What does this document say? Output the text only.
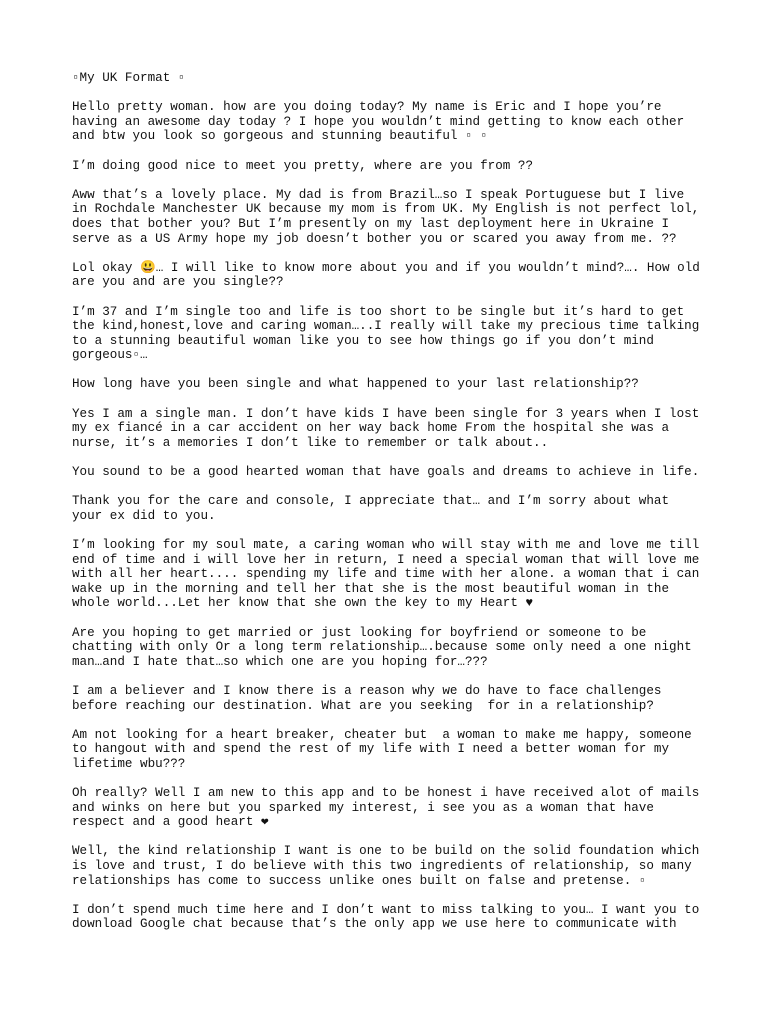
▫My UK Format ▫
Hello pretty woman. how are you doing today? My name is Eric and I hope you’re
having an awesome day today ? I hope you wouldn’t mind getting to know each other
and btw you look so gorgeous and stunning beautiful ▫ ▫
I’m doing good nice to meet you pretty, where are you from ??
Aww that’s a lovely place. My dad is from Brazil…so I speak Portuguese but I live
in Rochdale Manchester UK because my mom is from UK. My English is not perfect lol,
does that bother you? But I’m presently on my last deployment here in Ukraine I
serve as a US Army hope my job doesn’t bother you or scared you away from me. ??
Lol okay 😃… I will like to know more about you and if you wouldn’t mind?…. How old
are you and are you single??
I’m 37 and I’m single too and life is too short to be single but it’s hard to get
the kind,honest,love and caring woman…..I really will take my precious time talking
to a stunning beautiful woman like you to see how things go if you don’t mind
gorgeous▫…
How long have you been single and what happened to your last relationship??
Yes I am a single man. I don’t have kids I have been single for 3 years when I lost
my ex fiancé in a car accident on her way back home From the hospital she was a
nurse, it’s a memories I don’t like to remember or talk about..
You sound to be a good hearted woman that have goals and dreams to achieve in life.
Thank you for the care and console, I appreciate that… and I’m sorry about what
your ex did to you.
I’m looking for my soul mate, a caring woman who will stay with me and love me till
end of time and i will love her in return, I need a special woman that will love me
with all her heart.... spending my life and time with her alone. a woman that i can
wake up in the morning and tell her that she is the most beautiful woman in the
whole world...Let her know that she own the key to my Heart ♥
Are you hoping to get married or just looking for boyfriend or someone to be
chatting with only Or a long term relationship….because some only need a one night
man…and I hate that…so which one are you hoping for…???
I am a believer and I know there is a reason why we do have to face challenges
before reaching our destination. What are you seeking  for in a relationship?
Am not looking for a heart breaker, cheater but  a woman to make me happy, someone
to hangout with and spend the rest of my life with I need a better woman for my
lifetime wbu???
Oh really? Well I am new to this app and to be honest i have received alot of mails
and winks on here but you sparked my interest, i see you as a woman that have
respect and a good heart ❤
Well, the kind relationship I want is one to be build on the solid foundation which
is love and trust, I do believe with this two ingredients of relationship, so many
relationships has come to success unlike ones built on false and pretense. ▫
I don’t spend much time here and I don’t want to miss talking to you… I want you to
download Google chat because that’s the only app we use here to communicate with
